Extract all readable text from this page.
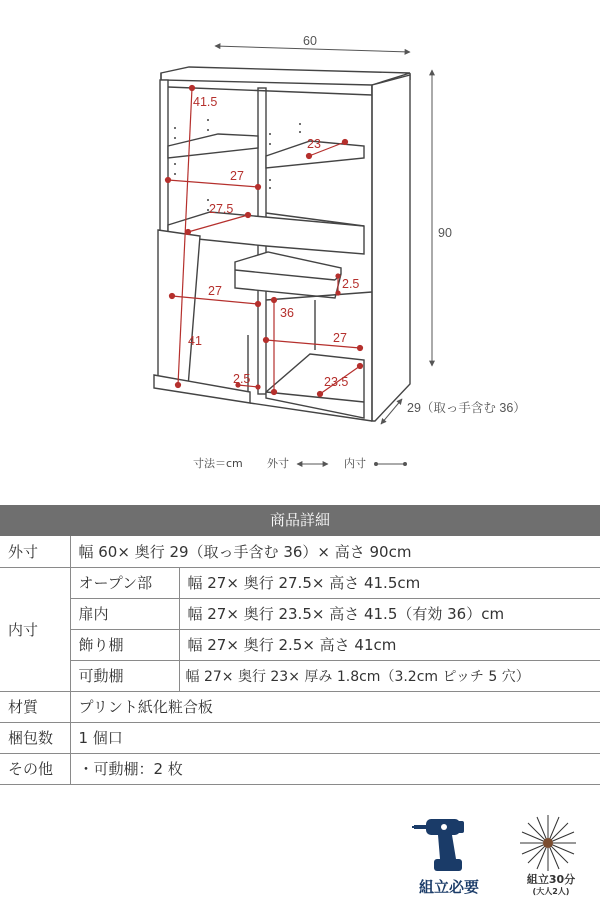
41.5
23
27
27.5
27	2.5
36
41	27
23.5
2.5
60
90
29（取っ手含む 36）
寸法＝cm 外寸	内寸
商品詳細
外寸	幅 60× 奥行 29（取っ手含む 36）× 高さ 90cm	
内寸	オープン部	幅 27× 奥行 27.5× 高さ 41.5cm
	扉内	幅 27× 奥行 23.5× 高さ 41.5（有効 36）cm
	飾り棚	幅 27× 奥行 2.5× 高さ 41cm
	可動棚	幅 27× 奥行 23× 厚み 1.8cm（3.2cm ピッチ 5 穴）
材質	プリント紙化粧合板	
梱包数	1 個口	
その他	・可動棚：2 枚	
組立必要	組立30分
(大人2人)
